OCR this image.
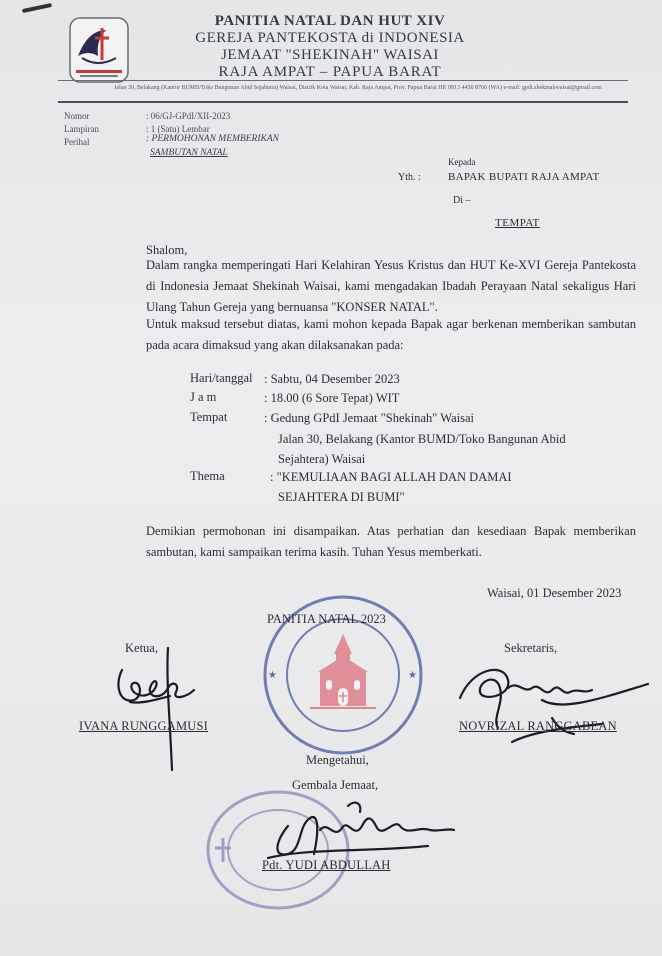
PANITIA NATAL DAN HUT XIV
GEREJA PANTEKOSTA di INDONESIA
JEMAAT "SHEKINAH" WAISAI
RAJA AMPAT – PAPUA BARAT
Jalan 30, Belakang (Kantor BUMD/Toko Bangunan Abid Sejahtera) Waisai, Distrik Kota Waisai, Kab. Raja Ampat, Prov. Papua Barat HP. 0813 4450 8766 (WA) e-mail: gpdi.shekinahwaisai@gmail.com
Nomor	: 06/GJ-GPdI/XII-2023
Lampiran	: 1 (Satu) Lembar
Perihal	: PERMOHONAN MEMBERIKAN
SAMBUTAN NATAL
Kepada
Yth. : BAPAK BUPATI RAJA AMPAT
Di –
TEMPAT
Shalom,
Dalam rangka memperingati Hari Kelahiran Yesus Kristus dan HUT Ke-XVI Gereja Pantekosta di Indonesia Jemaat Shekinah Waisai, kami mengadakan Ibadah Perayaan Natal sekaligus Hari Ulang Tahun Gereja yang bernuansa "KONSER NATAL".
Untuk maksud tersebut diatas, kami mohon kepada Bapak agar berkenan memberikan sambutan pada acara dimaksud yang akan dilaksanakan pada:
Hari/tanggal : Sabtu, 04 Desember 2023
J a m	: 18.00 (6 Sore Tepat) WIT
Tempat	: Gedung GPdI Jemaat "Shekinah" Waisai
Jalan 30, Belakang (Kantor BUMD/Toko Bangunan Abid
Sejahtera) Waisai
Thema	: "KEMULIAAN BAGI ALLAH DAN DAMAI
SEJAHTERA DI BUMI"
Demikian permohonan ini disampaikan. Atas perhatian dan kesediaan Bapak memberikan sambutan, kami sampaikan terima kasih. Tuhan Yesus memberkati.
Waisai, 01 Desember 2023
★	★
PANITIA NATAL 2023
Ketua,
IVANA RUNGGAMUSI
Sekretaris,
NOVRIZAL RANGGABEAN
Mengetahui,
Gembala Jemaat,
Pdt. YUDI ABDULLAH
